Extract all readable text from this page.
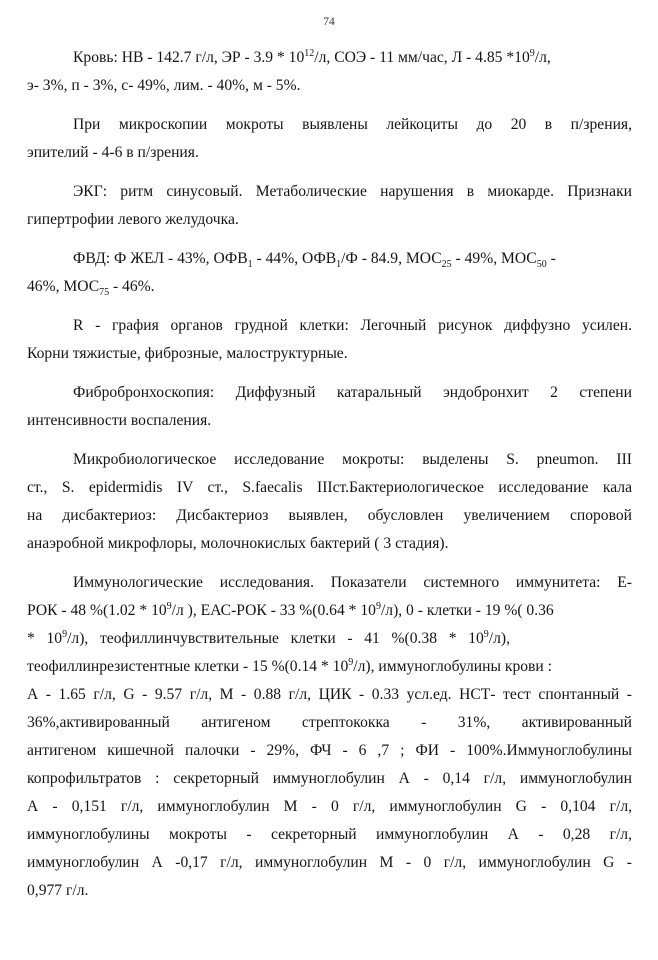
74
Кровь: НВ - 142.7 г/л, ЭР - $3.9 * 10^{12}/л$, СОЭ - 11 мм/час, Л - 4.85 $*10^9/л$,
э- 3%, п - 3%, с- 49%, лим. - 40%, м - 5%.
При микроскопии мокроты выявлены лейкоциты до 20 в п/зрения,
эпителий - 4-6 в п/зрения.
ЭКГ: ритм синусовый. Метаболические нарушения в миокарде. Признаки
гипертрофии левого желудочка.
ФВД: Ф ЖЕЛ - 43%, $ОФВ_1 - 44\%$, $ОФВ_1/Ф - 84.9$, $МОС_{25} - 49\%$, $МОС_{50}$ -
46%, $МОС_{75} - 46\%$.
R - графия органов грудной клетки: Легочный рисунок диффузно усилен.
Корни тяжистые, фиброзные, малоструктурные.
Фибробронхоскопия: Диффузный катаральный эндобронхит 2 степени
интенсивности воспаления.
Микробиологическое исследование мокроты: выделены S. pneumon. III
ст., S. epidermidis IV ст., S.faecalis IIIст.Бактериологическое исследование кала
на дисбактериоз: Дисбактериоз выявлен, обусловлен увеличением споровой
анаэробной микрофлоры, молочнокислых бактерий ( 3 стадия).
Иммунологические исследования. Показатели системного иммунитета: Е-
РОК - 48 $\%(1.02 * 10^9/л$ ), ЕАС-РОК - 33 $\%(0.64 * 10^9/л)$, 0 - клетки - 19 %( 0.36
*   $10^9/л$),   теофиллинчувствительные   клетки   -   41   $\%(0.38 * 10^9/л)$,
теофиллинрезистентные клетки - 15 $\%(0.14 * 10^9/л)$, иммуноглобулины крови :
А - 1.65 г/л, G - 9.57 г/л, М - 0.88 г/л, ЦИК - 0.33 усл.ед. НСТ- тест спонтанный -
36%,активированный антигеном стрептококка - 31%, активированный
антигеном кишечной палочки - 29%, ФЧ - 6 ,7 ; ФИ - 100%.Иммуноглобулины
копрофильтратов : секреторный иммуноглобулин А - 0,14 г/л, иммуноглобулин
А - 0,151 г/л, иммуноглобулин М - 0 г/л, иммуноглобулин G - 0,104 г/л,
иммуноглобулины мокроты - секреторный иммуноглобулин А - 0,28 г/л,
иммуноглобулин А -0,17 г/л, иммуноглобулин М - 0 г/л, иммуноглобулин G -
0,977 г/л.
